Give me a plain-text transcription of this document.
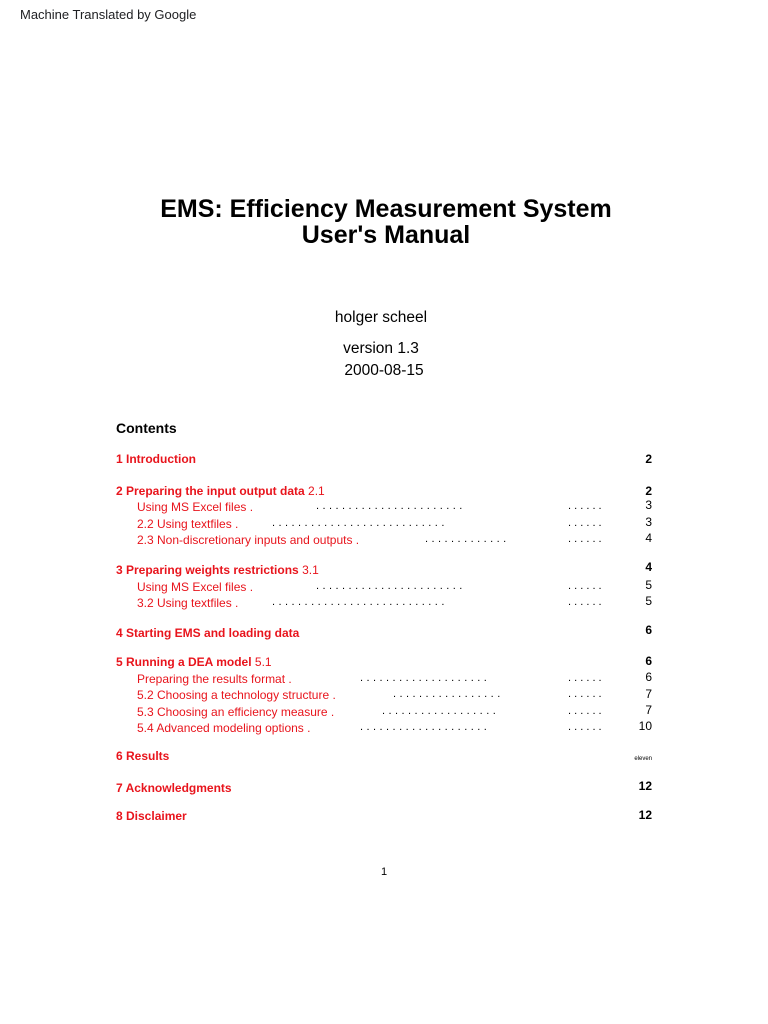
Machine Translated by Google
EMS: Efficiency Measurement System
User's Manual
holger scheel
version 1.3
2000-08-15
Contents
1 Introduction	2
2 Preparing the input output data 2.1	2
Using MS Excel files .	. . . . . . . . . . . . . . . . . . . . . . .	. . . . . .	3
2.2 Using textfiles .	. . . . . . . . . . . . . . . . . . . . . . . . . . .	. . . . . .	3
2.3 Non-discretionary inputs and outputs .	. . . . . . . . . . . . .	. . . . . .	4
3 Preparing weights restrictions 3.1	4
Using MS Excel files .	. . . . . . . . . . . . . . . . . . . . . . .	. . . . . .	5
3.2 Using textfiles .	. . . . . . . . . . . . . . . . . . . . . . . . . . .	. . . . . .	5
4 Starting EMS and loading data	6
5 Running a DEA model 5.1	6
Preparing the results format .	. . . . . . . . . . . . . . . . . . . .	. . . . . .	6
5.2 Choosing a technology structure .	. . . . . . . . . . . . . . . . .	. . . . . .	7
5.3 Choosing an efficiency measure .	. . . . . . . . . . . . . . . . . .	. . . . . .	7
5.4 Advanced modeling options .	. . . . . . . . . . . . . . . . . . . .	. . . . . .	10
6 Results	eleven
7 Acknowledgments	12
8 Disclaimer	12
1
